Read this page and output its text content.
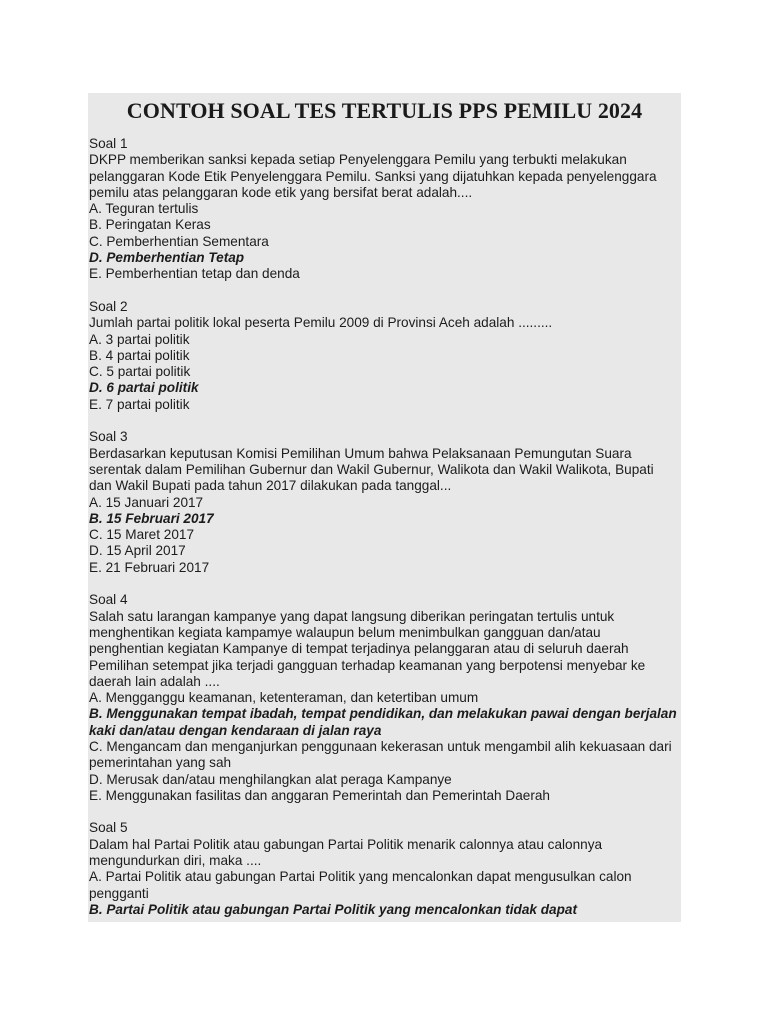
CONTOH SOAL TES TERTULIS PPS PEMILU 2024
Soal 1
DKPP memberikan sanksi kepada setiap Penyelenggara Pemilu yang terbukti melakukan pelanggaran Kode Etik Penyelenggara Pemilu. Sanksi yang dijatuhkan kepada penyelenggara pemilu atas pelanggaran kode etik yang bersifat berat adalah....
A. Teguran tertulis
B. Peringatan Keras
C. Pemberhentian Sementara
D. Pemberhentian Tetap
E. Pemberhentian tetap dan denda
Soal 2
Jumlah partai politik lokal peserta Pemilu 2009 di Provinsi Aceh adalah .........
A. 3 partai politik
B. 4 partai politik
C. 5 partai politik
D. 6 partai politik
E. 7 partai politik
Soal 3
Berdasarkan keputusan Komisi Pemilihan Umum bahwa Pelaksanaan Pemungutan Suara serentak dalam Pemilihan Gubernur dan Wakil Gubernur, Walikota dan Wakil Walikota, Bupati dan Wakil Bupati pada tahun 2017 dilakukan pada tanggal...
A. 15 Januari 2017
B. 15 Februari 2017
C. 15 Maret 2017
D. 15 April 2017
E. 21 Februari 2017
Soal 4
Salah satu larangan kampanye yang dapat langsung diberikan peringatan tertulis untuk menghentikan kegiata kampamye walaupun belum menimbulkan gangguan dan/atau penghentian kegiatan Kampanye di tempat terjadinya pelanggaran atau di seluruh daerah Pemilihan setempat jika terjadi gangguan terhadap keamanan yang berpotensi menyebar ke daerah lain adalah ....
A. Mengganggu keamanan, ketenteraman, dan ketertiban umum
B. Menggunakan tempat ibadah, tempat pendidikan, dan melakukan pawai dengan berjalan kaki dan/atau dengan kendaraan di jalan raya
C. Mengancam dan menganjurkan penggunaan kekerasan untuk mengambil alih kekuasaan dari pemerintahan yang sah
D. Merusak dan/atau menghilangkan alat peraga Kampanye
E. Menggunakan fasilitas dan anggaran Pemerintah dan Pemerintah Daerah
Soal 5
Dalam hal Partai Politik atau gabungan Partai Politik menarik calonnya atau calonnya mengundurkan diri, maka ....
A. Partai Politik atau gabungan Partai Politik yang mencalonkan dapat mengusulkan calon pengganti
B. Partai Politik atau gabungan Partai Politik yang mencalonkan tidak dapat
